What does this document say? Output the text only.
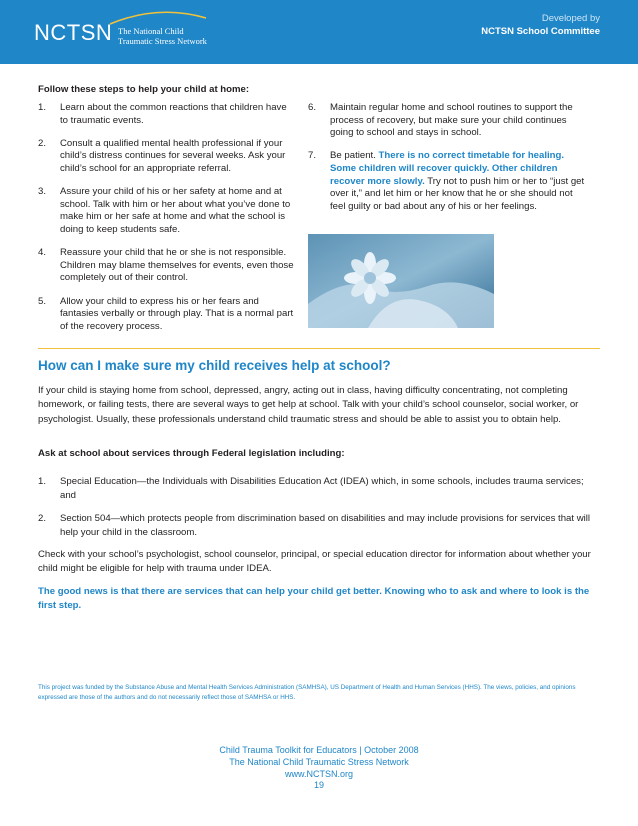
NCTSN The National Child
Traumatic Stress Network
Developed by
NCTSN School Committee
Follow these steps to help your child at home:
1. Learn about the common reactions that children have to traumatic events.
2. Consult a qualified mental health professional if your child’s distress continues for several weeks. Ask your child’s school for an appropriate referral.
3. Assure your child of his or her safety at home and at school. Talk with him or her about what you’ve done to make him or her safe at home and what the school is doing to keep students safe.
4. Reassure your child that he or she is not responsible. Children may blame themselves for events, even those completely out of their control.
5. Allow your child to express his or her fears and fantasies verbally or through play. That is a normal part of the recovery process.
6. Maintain regular home and school routines to support the process of recovery, but make sure your child continues going to school and stays in school.
7. Be patient. There is no correct timetable for healing. Some children will recover quickly. Other children recover more slowly. Try not to push him or her to “just get over it,” and let him or her know that he or she should not feel guilty or bad about any of his or her feelings.
How can I make sure my child receives help at school?
If your child is staying home from school, depressed, angry, acting out in class, having difficulty concentrating, not completing homework, or failing tests, there are several ways to get help at school. Talk with your child’s school counselor, social worker, or psychologist. Usually, these professionals understand child traumatic stress and should be able to assist you to obtain help.
Ask at school about services through Federal legislation including:
1. Special Education—the Individuals with Disabilities Education Act (IDEA) which, in some schools, includes trauma services; and
2. Section 504—which protects people from discrimination based on disabilities and may include provisions for services that will help your child in the classroom.
Check with your school’s psychologist, school counselor, principal, or special education director for information about whether your child might be eligible for help with trauma under IDEA.
The good news is that there are services that can help your child get better. Knowing who to ask and where to look is the first step.
This project was funded by the Substance Abuse and Mental Health Services Administration (SAMHSA), US Department of Health and Human Services (HHS). The views, policies, and opinions expressed are those of the authors and do not necessarily reflect those of SAMHSA or HHS.
Child Trauma Toolkit for Educators | October 2008
The National Child Traumatic Stress Network
www.NCTSN.org
19
